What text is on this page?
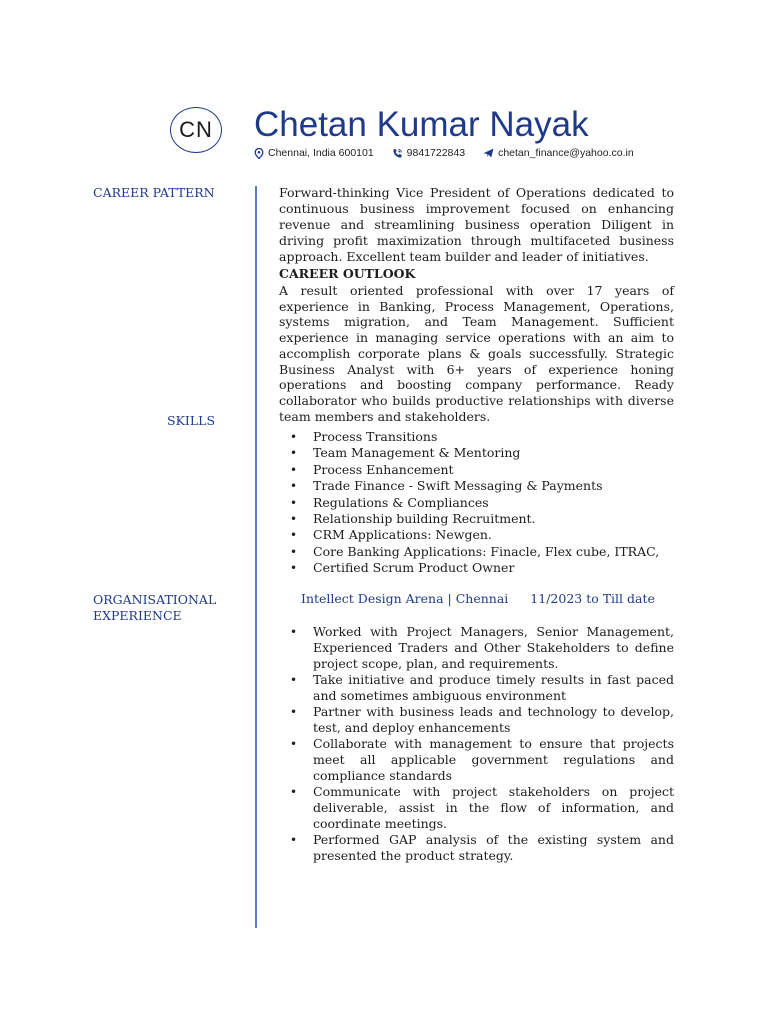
CN Chetan Kumar Nayak
Chennai, India 600101	9841722843	chetan_finance@yahoo.co.in
CAREER PATTERN	Forward-thinking Vice President of Operations dedicated to continuous business improvement focused on enhancing revenue and streamlining business operation Diligent in driving profit maximization through multifaceted business approach. Excellent team builder and leader of initiatives.
CAREER OUTLOOK
A result oriented professional with over 17 years of experience in Banking, Process Management, Operations, systems migration, and Team Management. Sufficient experience in managing service operations with an aim to accomplish corporate plans & goals successfully. Strategic Business Analyst with 6+ years of experience honing operations and boosting company performance. Ready collaborator who builds productive relationships with diverse team members and stakeholders.
SKILLS
• Process Transitions
• Team Management & Mentoring
• Process Enhancement
• Trade Finance - Swift Messaging & Payments
• Regulations & Compliances
• Relationship building Recruitment.
• CRM Applications: Newgen.
• Core Banking Applications: Finacle, Flex cube, ITRAC,
• Certified Scrum Product Owner
ORGANISATIONAL
EXPERIENCE
Intellect Design Arena | Chennai 11/2023 to Till date
• Worked with Project Managers, Senior Management, Experienced Traders and Other Stakeholders to define project scope, plan, and requirements.
• Take initiative and produce timely results in fast paced and sometimes ambiguous environment
• Partner with business leads and technology to develop, test, and deploy enhancements
• Collaborate with management to ensure that projects meet all applicable government regulations and compliance standards
• Communicate with project stakeholders on project deliverable, assist in the flow of information, and coordinate meetings.
• Performed GAP analysis of the existing system and presented the product strategy.
